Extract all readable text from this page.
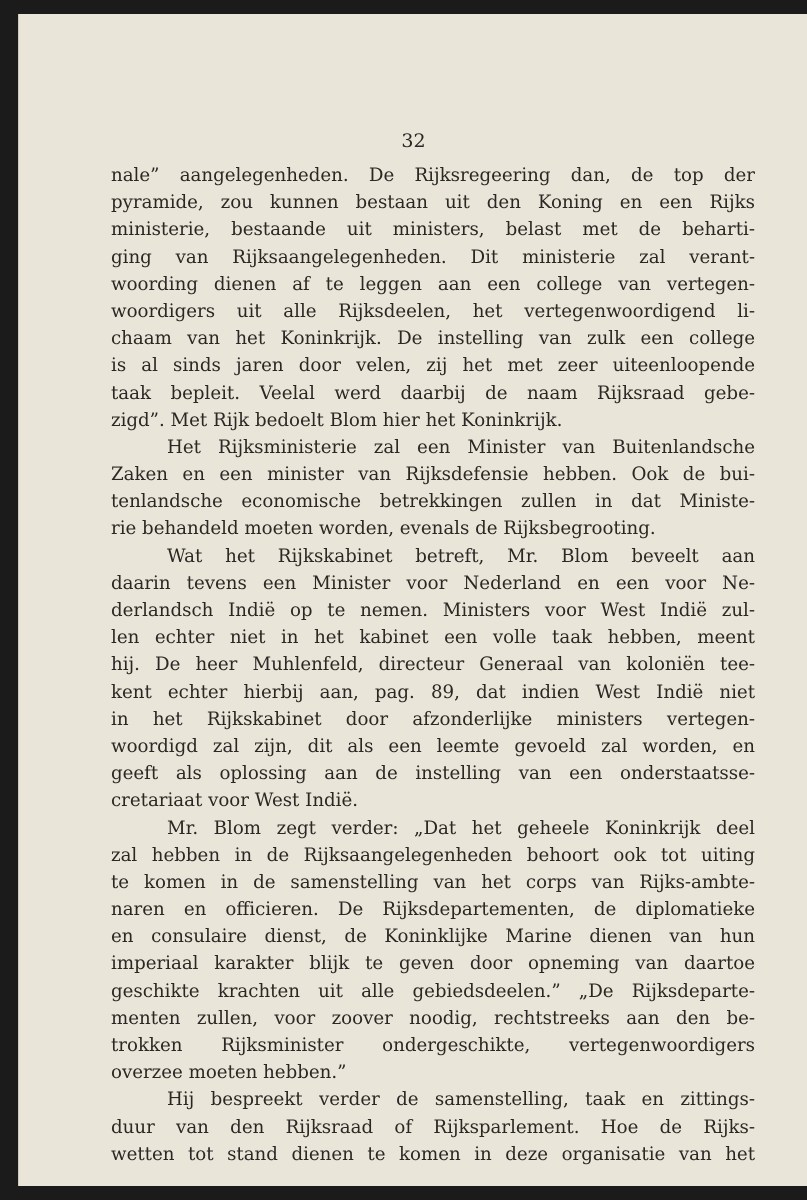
32
nale” aangelegenheden. De Rijksregeering dan, de top der
pyramide, zou kunnen bestaan uit den Koning en een Rijks
ministerie, bestaande uit ministers, belast met de beharti-
ging van Rijksaangelegenheden. Dit ministerie zal verant-
woording dienen af te leggen aan een college van vertegen-
woordigers uit alle Rijksdeelen, het vertegenwoordigend li-
chaam van het Koninkrijk. De instelling van zulk een college
is al sinds jaren door velen, zij het met zeer uiteenloopende
taak bepleit. Veelal werd daarbij de naam Rijksraad gebe-
zigd”. Met Rijk bedoelt Blom hier het Koninkrijk.
Het Rijksministerie zal een Minister van Buitenlandsche
Zaken en een minister van Rijksdefensie hebben. Ook de bui-
tenlandsche economische betrekkingen zullen in dat Ministe-
rie behandeld moeten worden, evenals de Rijksbegrooting.
Wat het Rijkskabinet betreft, Mr. Blom beveelt aan
daarin tevens een Minister voor Nederland en een voor Ne-
derlandsch Indië op te nemen. Ministers voor West Indië zul-
len echter niet in het kabinet een volle taak hebben, meent
hij. De heer Muhlenfeld, directeur Generaal van koloniën tee-
kent echter hierbij aan, pag. 89, dat indien West Indië niet
in het Rijkskabinet door afzonderlijke ministers vertegen-
woordigd zal zijn, dit als een leemte gevoeld zal worden, en
geeft als oplossing aan de instelling van een onderstaatsse-
cretariaat voor West Indië.
Mr. Blom zegt verder: „Dat het geheele Koninkrijk deel
zal hebben in de Rijksaangelegenheden behoort ook tot uiting
te komen in de samenstelling van het corps van Rijks-ambte-
naren en officieren. De Rijksdepartementen, de diplomatieke
en consulaire dienst, de Koninklijke Marine dienen van hun
imperiaal karakter blijk te geven door opneming van daartoe
geschikte krachten uit alle gebiedsdeelen.” „De Rijksdeparte-
menten zullen, voor zoover noodig, rechtstreeks aan den be-
trokken Rijksminister ondergeschikte, vertegenwoordigers
overzee moeten hebben.”
Hij bespreekt verder de samenstelling, taak en zittings-
duur van den Rijksraad of Rijksparlement. Hoe de Rijks-
wetten tot stand dienen te komen in deze organisatie van het
